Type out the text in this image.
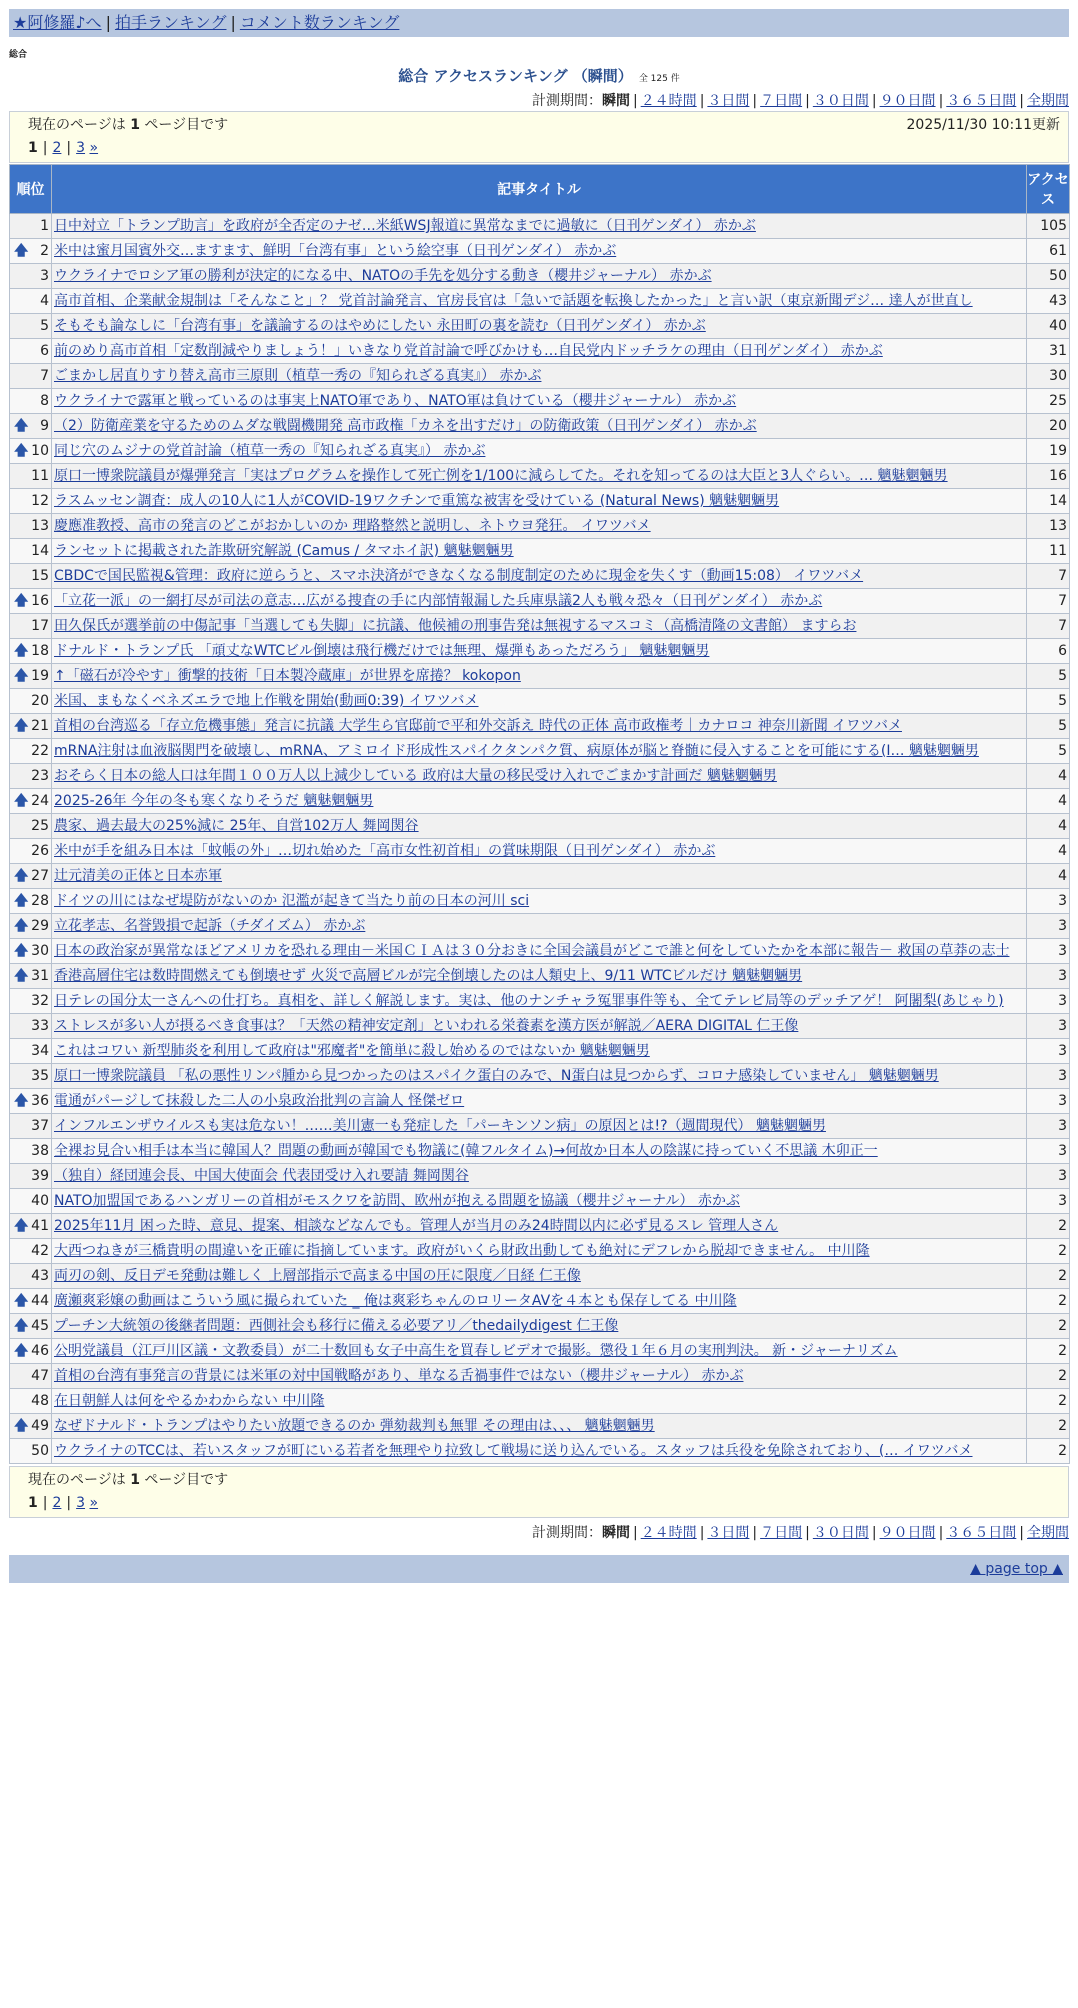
★阿修羅♪へ | 拍手ランキング | コメント数ランキング
総合
総合 アクセスランキング （瞬間） 全 125 件
計測期間：瞬間 | ２４時間 | ３日間 | ７日間 | ３０日間 | ９０日間 | ３６５日間 | 全期間
現在のページは 1 ページ目です	2025/11/30 10:11更新
1 | 2 | 3 »
順位	記事タイトル	アクセス
1	日中対立「トランプ助言」を政府が全否定のナゼ…米紙WSJ報道に異常なまでに過敏に（日刊ゲンダイ） 赤かぶ	105

🡅 2	米中は蜜月国賓外交…ますます、鮮明「台湾有事」という絵空事（日刊ゲンダイ） 赤かぶ	61
3	ウクライナでロシア軍の勝利が決定的になる中、NATOの手先を処分する動き（櫻井ジャーナル） 赤かぶ	50
4	高市首相、企業献金規制は「そんなこと」？ 党首討論発言、官房長官は「急いで話題を転換したかった」と言い訳（東京新聞デジ… 達人が世直し	43
5	そもそも論なしに「台湾有事」を議論するのはやめにしたい 永田町の裏を読む（日刊ゲンダイ） 赤かぶ	40
6	前のめり高市首相「定数削減やりましょう！」いきなり党首討論で呼びかけも…自民党内ドッチラケの理由（日刊ゲンダイ） 赤かぶ	31
7	ごまかし居直りすり替え高市三原則（植草一秀の『知られざる真実』） 赤かぶ	30
8	ウクライナで露軍と戦っているのは事実上NATO軍であり、NATO軍は負けている（櫻井ジャーナル） 赤かぶ	25

🡅 9	（2）防衛産業を守るためのムダな戦闘機開発 高市政権「カネを出すだけ」の防衛政策（日刊ゲンダイ） 赤かぶ	20

🡅 10	同じ穴のムジナの党首討論（植草一秀の『知られざる真実』） 赤かぶ	19
11	原口一博衆院議員が爆弾発言「実はプログラムを操作して死亡例を1/100に減らしてた。それを知ってるのは大臣と3人ぐらい。… 魑魅魍魎男	16
12	ラスムッセン調査：成人の10人に1人がCOVID-19ワクチンで重篤な被害を受けている (Natural News) 魑魅魍魎男	14
13	慶應准教授、高市の発言のどこがおかしいのか 理路整然と説明し、ネトウヨ発狂。 イワツバメ	13
14	ランセットに掲載された詐欺研究解説 (Camus / タマホイ訳) 魑魅魍魎男	11
15	CBDCで国民監視&管理：政府に逆らうと、スマホ決済ができなくなる制度制定のために現金を失くす（動画15:08） イワツバメ	7

🡅 16	「立花一派」の一網打尽が司法の意志…広がる捜査の手に内部情報漏した兵庫県議2人も戦々恐々（日刊ゲンダイ） 赤かぶ	7
17	田久保氏が選挙前の中傷記事「当選しても失脚」に抗議、他候補の刑事告発は無視するマスコミ（高橋清隆の文書館） ますらお	7

🡅 18	ドナルド・トランプ氏 「頑丈なWTCビル倒壊は飛行機だけでは無理、爆弾もあっただろう」 魑魅魍魎男	6

🡅 19	↑「磁石が冷やす」衝撃的技術「日本製冷蔵庫」が世界を席捲？ kokopon	5
20	米国、まもなくベネズエラで地上作戦を開始(動画0:39) イワツバメ	5

🡅 21	首相の台湾巡る「存立危機事態」発言に抗議 大学生ら官邸前で平和外交訴え 時代の正体 高市政権考｜カナロコ 神奈川新聞 イワツバメ	5
22	mRNA注射は血液脳関門を破壊し、mRNA、アミロイド形成性スパイクタンパク質、病原体が脳と脊髄に侵入することを可能にする(I… 魑魅魍魎男	5
23	おそらく日本の総人口は年間１００万人以上減少している 政府は大量の移民受け入れでごまかす計画だ 魑魅魍魎男	4

🡅 24	2025-26年 今年の冬も寒くなりそうだ 魑魅魍魎男	4
25	農家、過去最大の25%減に 25年、自営102万人 舞岡関谷	4
26	米中が手を組み日本は「蚊帳の外」…切れ始めた「高市女性初首相」の賞味期限（日刊ゲンダイ） 赤かぶ	4

🡅 27	辻元清美の正体と日本赤軍	4

🡅 28	ドイツの川にはなぜ堤防がないのか 氾濫が起きて当たり前の日本の河川 sci	3

🡅 29	立花孝志、名誉毀損で起訴（チダイズム） 赤かぶ	3

🡅 30	日本の政治家が異常なほどアメリカを恐れる理由－米国ＣＩＡは３０分おきに全国会議員がどこで誰と何をしていたかを本部に報告－ 救国の草莽の志士	3

🡅 31	香港高層住宅は数時間燃えても倒壊せず 火災で高層ビルが完全倒壊したのは人類史上、9/11 WTCビルだけ 魑魅魍魎男	3
32	日テレの国分太一さんへの仕打ち。真相を、詳しく解説します。実は、他のナンチャラ冤罪事件等も、全てテレビ局等のデッチアゲ！ 阿闍梨(あじゃり)	3
33	ストレスが多い人が摂るべき食事は？「天然の精神安定剤」といわれる栄養素を漢方医が解説／AERA DIGITAL 仁王像	3
34	これはコワい 新型肺炎を利用して政府は"邪魔者"を簡単に殺し始めるのではないか 魑魅魍魎男	3
35	原口一博衆院議員 「私の悪性リンパ腫から見つかったのはスパイク蛋白のみで、N蛋白は見つからず、コロナ感染していません」 魑魅魍魎男	3

🡅 36	電通がパージして抹殺した二人の小泉政治批判の言論人 怪傑ゼロ	3
37	インフルエンザウイルスも実は危ない！……美川憲一も発症した「パーキンソン病」の原因とは!?（週間現代） 魑魅魍魎男	3
38	全裸お見合い相手は本当に韓国人？問題の動画が韓国でも物議に(韓フルタイム)→何故か日本人の陰謀に持っていく不思議 木卯正一	3
39	（独自）経団連会長、中国大使面会 代表団受け入れ要請 舞岡関谷	3
40	NATO加盟国であるハンガリーの首相がモスクワを訪問、欧州が抱える問題を協議（櫻井ジャーナル） 赤かぶ	3

🡅 41	2025年11月 困った時、意見、提案、相談などなんでも。管理人が当月のみ24時間以内に必ず見るスレ 管理人さん	2
42	大西つねきが三橋貴明の間違いを正確に指摘しています。政府がいくら財政出動しても絶対にデフレから脱却できません。 中川隆	2
43	両刃の剣、反日デモ発動は難しく 上層部指示で高まる中国の圧に限度／日経 仁王像	2

🡅 44	廣瀬爽彩嬢の動画はこういう風に撮られていた _ 俺は爽彩ちゃんのロリータAVを４本とも保存してる 中川隆	2

🡅 45	プーチン大統領の後継者問題：西側社会も移行に備える必要アリ／thedailydigest 仁王像	2

🡅 46	公明党議員（江戸川区議・文教委員）が二十数回も女子中高生を買春しビデオで撮影。懲役１年６月の実刑判決。 新・ジャーナリズム	2
47	首相の台湾有事発言の背景には米軍の対中国戦略があり、単なる舌禍事件ではない（櫻井ジャーナル） 赤かぶ	2
48	在日朝鮮人は何をやるかわからない 中川隆	2

🡅 49	なぜドナルド・トランプはやりたい放題できるのか 弾劾裁判も無罪 その理由は、、、 魑魅魍魎男	2
50	ウクライナのTCCは、若いスタッフが町にいる若者を無理やり拉致して戦場に送り込んでいる。スタッフは兵役を免除されており、(… イワツバメ	2
現在のページは 1 ページ目です
1 | 2 | 3 »
計測期間：瞬間 | ２４時間 | ３日間 | ７日間 | ３０日間 | ９０日間 | ３６５日間 | 全期間
▲ page top ▲
